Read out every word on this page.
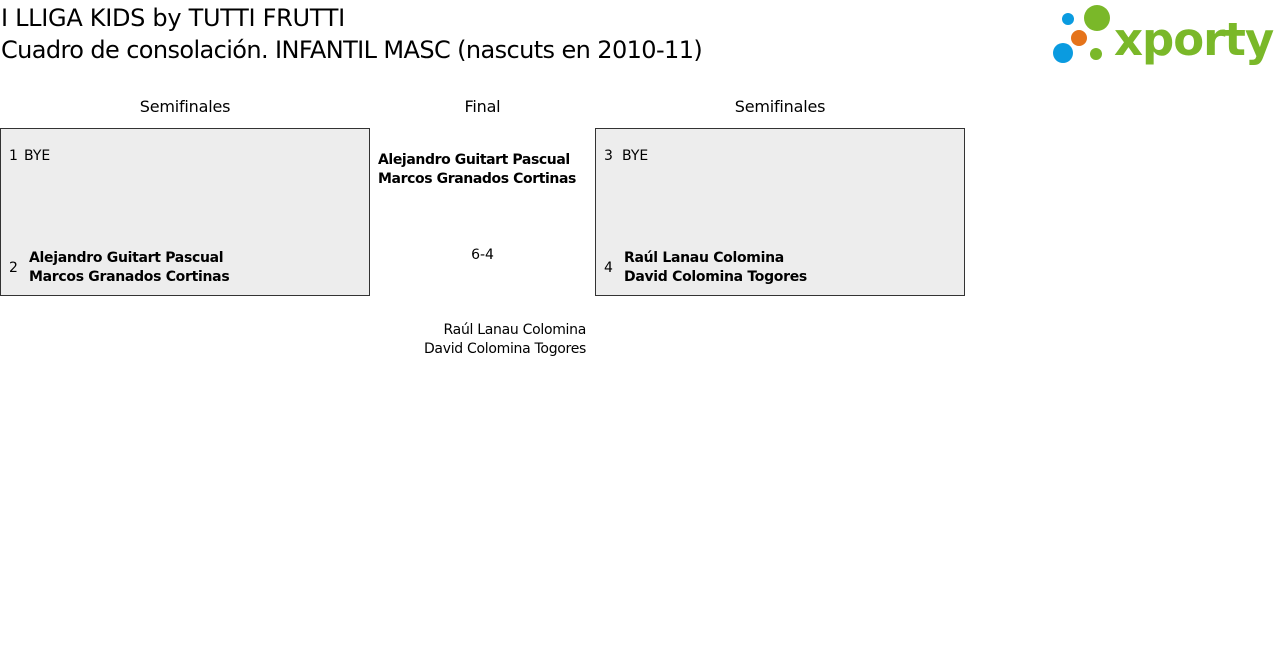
I LLIGA KIDS by TUTTI FRUTTI
Cuadro de consolación. INFANTIL MASC (nascuts en 2010-11)	xporty
Semifinales	Final	Semifinales
1 BYE
2
Alejandro Guitart Pascual
Marcos Granados Cortinas
Alejandro Guitart Pascual
Marcos Granados Cortinas
6-4
Raúl Lanau Colomina
David Colomina Togores
3 BYE
4
Raúl Lanau Colomina
David Colomina Togores
